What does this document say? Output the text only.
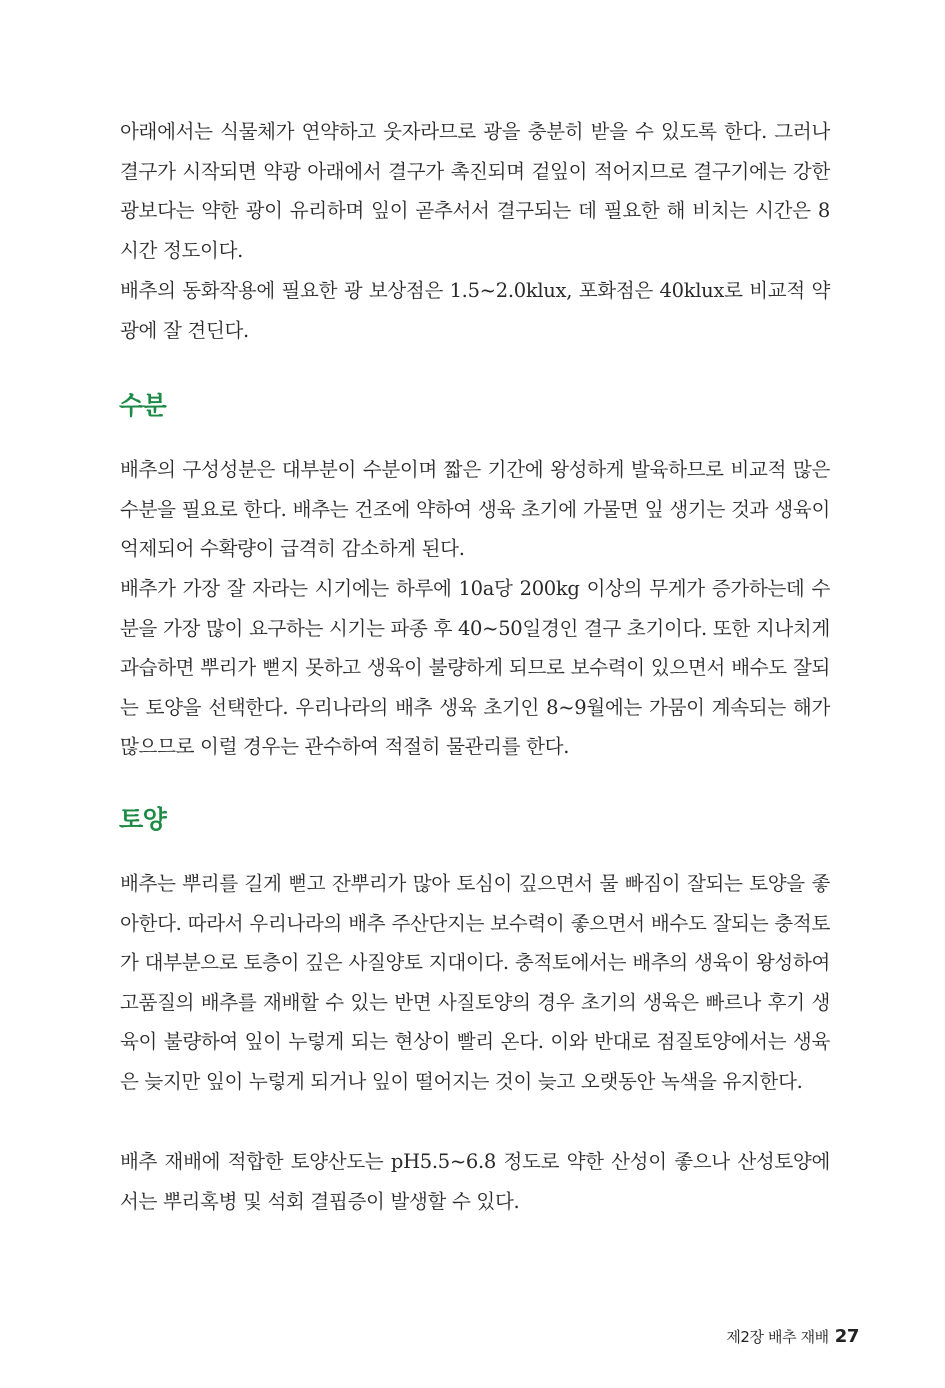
아래에서는 식물체가 연약하고 웃자라므로 광을 충분히 받을 수 있도록 한다. 그러나 결구가 시작되면 약광 아래에서 결구가 촉진되며 겉잎이 적어지므로 결구기에는 강한 광보다는 약한 광이 유리하며 잎이 곧추서서 결구되는 데 필요한 해 비치는 시간은 8시간 정도이다.

배추의 동화작용에 필요한 광 보상점은 1.5~2.0klux, 포화점은 40klux로 비교적 약광에 잘 견딘다.

수분

배추의 구성성분은 대부분이 수분이며 짧은 기간에 왕성하게 발육하므로 비교적 많은 수분을 필요로 한다. 배추는 건조에 약하여 생육 초기에 가물면 잎 생기는 것과 생육이 억제되어 수확량이 급격히 감소하게 된다.

배추가 가장 잘 자라는 시기에는 하루에 10a당 200kg 이상의 무게가 증가하는데 수분을 가장 많이 요구하는 시기는 파종 후 40~50일경인 결구 초기이다. 또한 지나치게 과습하면 뿌리가 뻗지 못하고 생육이 불량하게 되므로 보수력이 있으면서 배수도 잘되는 토양을 선택한다. 우리나라의 배추 생육 초기인 8~9월에는 가뭄이 계속되는 해가 많으므로 이럴 경우는 관수하여 적절히 물관리를 한다.

토양

배추는 뿌리를 길게 뻗고 잔뿌리가 많아 토심이 깊으면서 물 빠짐이 잘되는 토양을 좋아한다. 따라서 우리나라의 배추 주산단지는 보수력이 좋으면서 배수도 잘되는 충적토가 대부분으로 토층이 깊은 사질양토 지대이다. 충적토에서는 배추의 생육이 왕성하여 고품질의 배추를 재배할 수 있는 반면 사질토양의 경우 초기의 생육은 빠르나 후기 생육이 불량하여 잎이 누렇게 되는 현상이 빨리 온다. 이와 반대로 점질토양에서는 생육은 늦지만 잎이 누렇게 되거나 잎이 떨어지는 것이 늦고 오랫동안 녹색을 유지한다.

배추 재배에 적합한 토양산도는 pH5.5~6.8 정도로 약한 산성이 좋으나 산성토양에서는 뿌리혹병 및 석회 결핍증이 발생할 수 있다.

제2장 배추 재배 27
